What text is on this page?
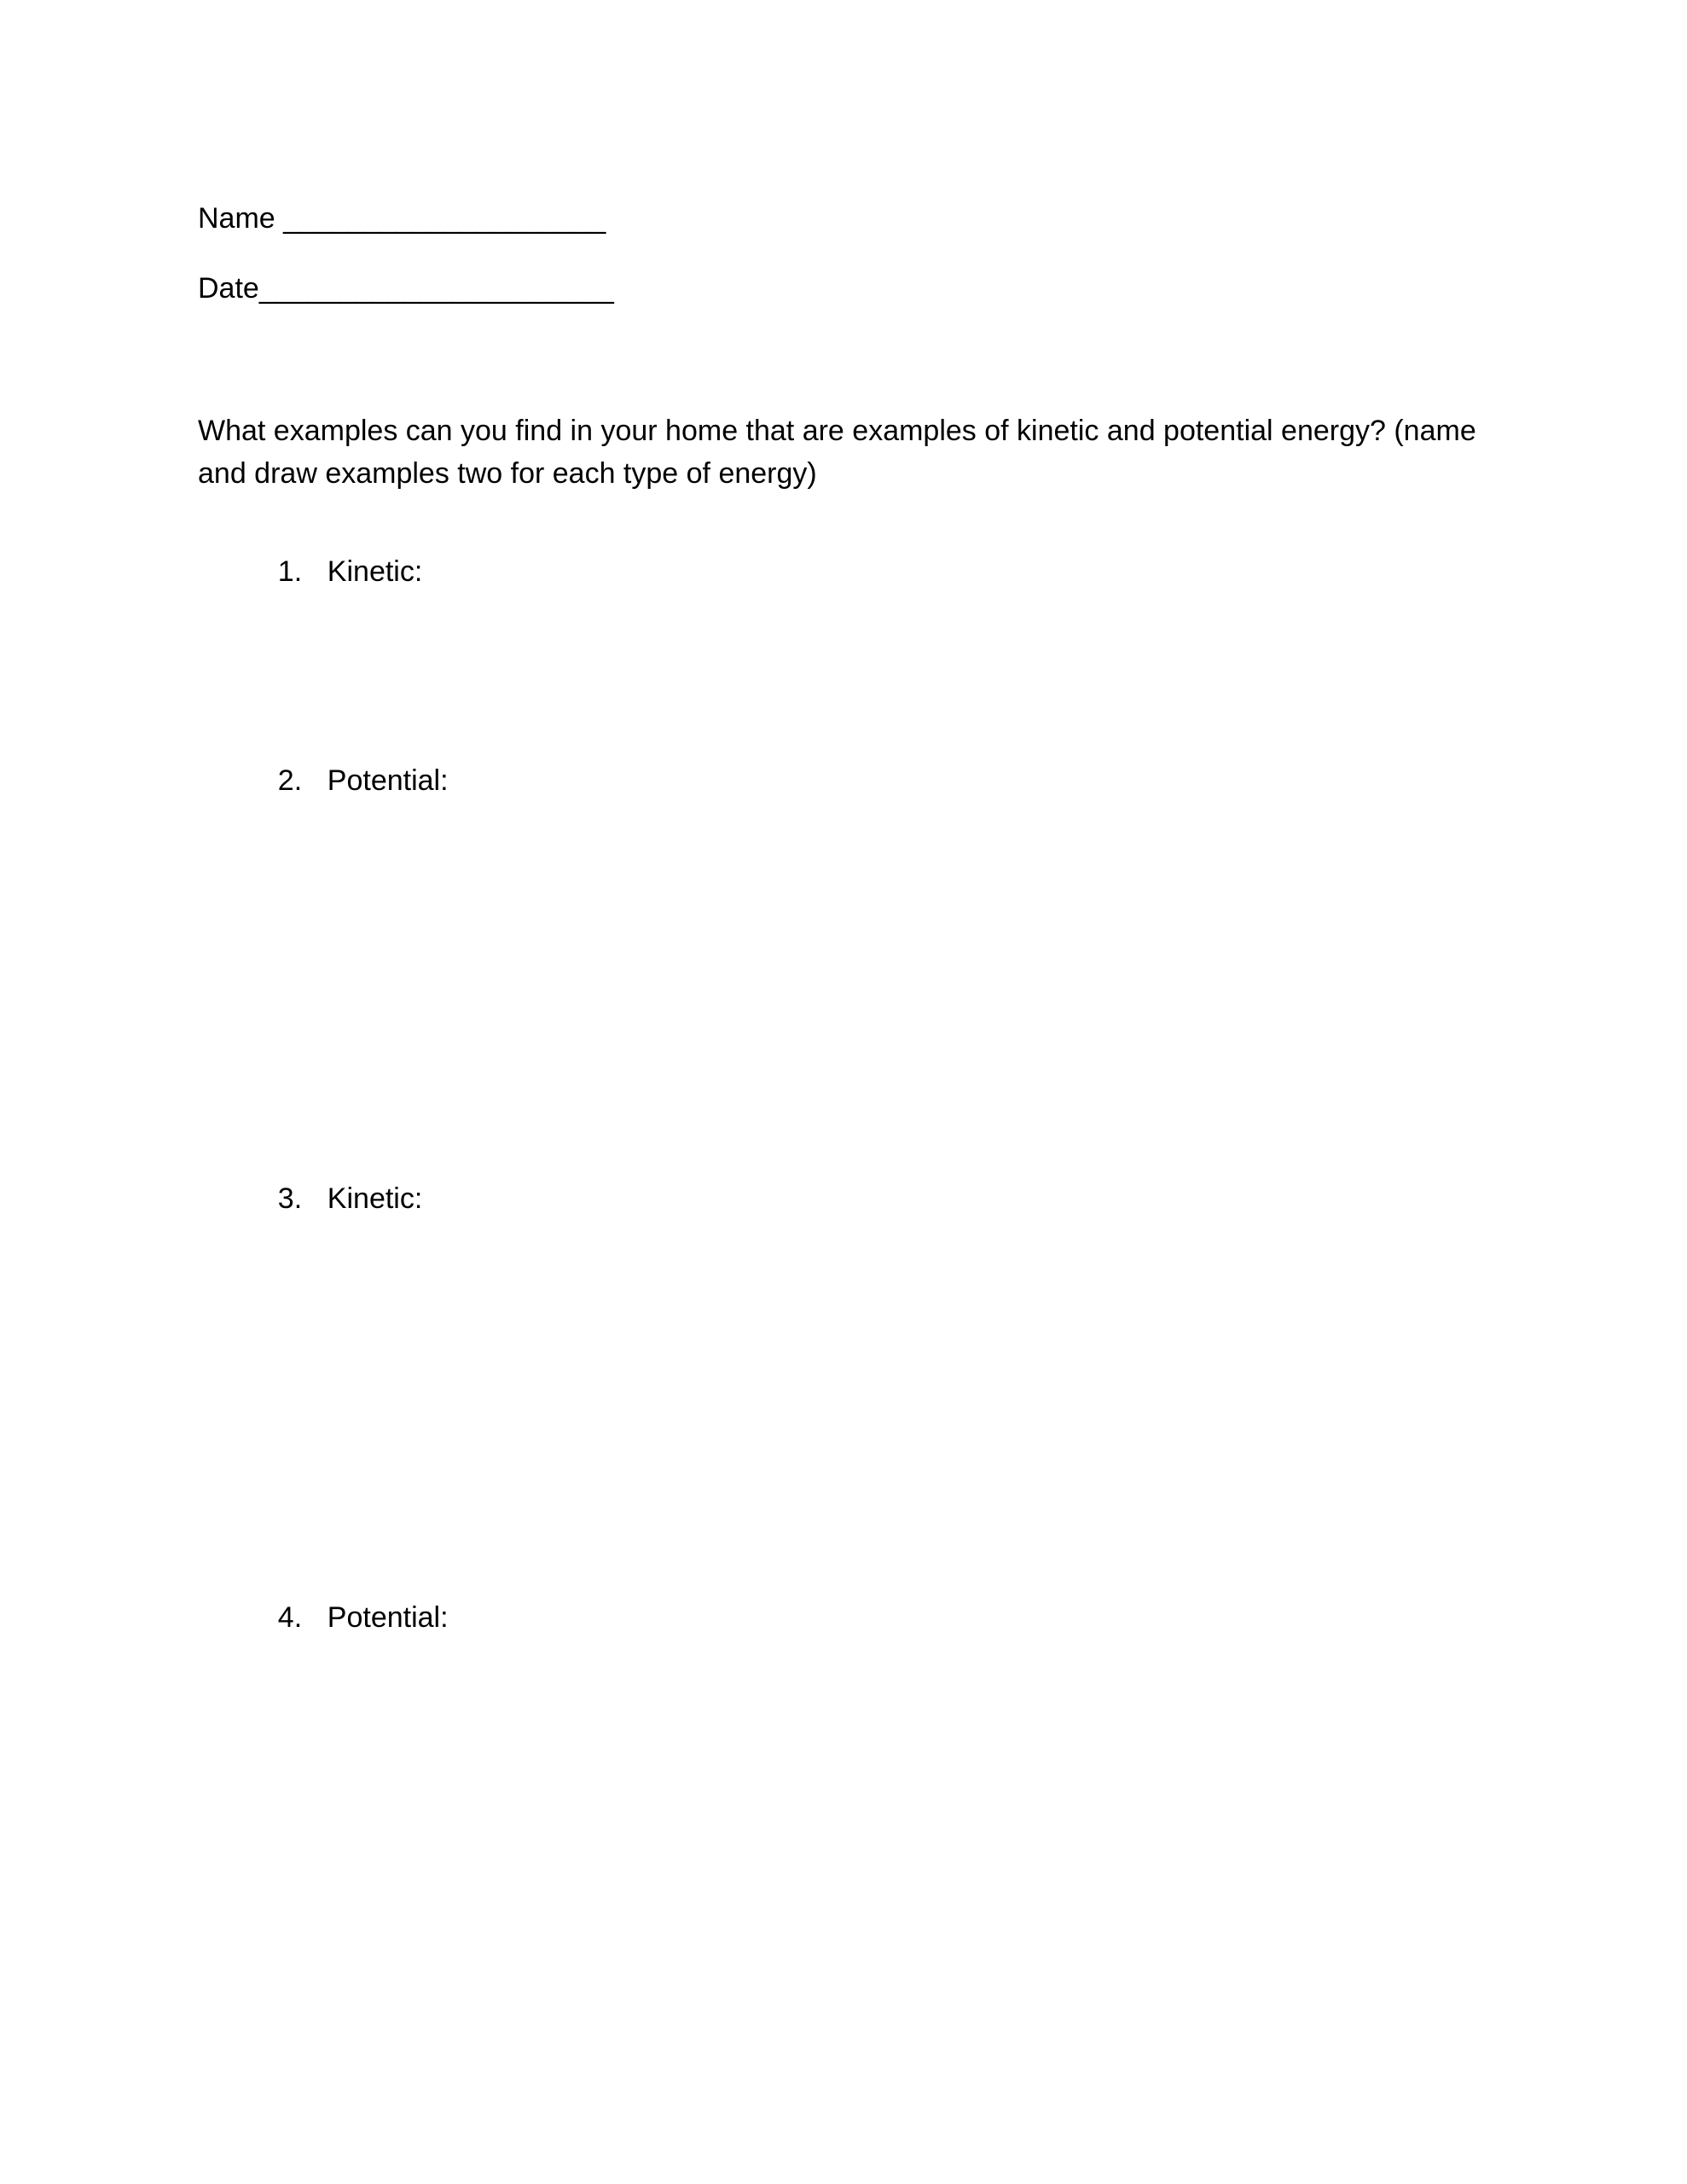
Name ____________________
Date______________________
What examples can you find in your home that are examples of kinetic and potential energy? (name and draw examples two for each type of energy)

1. Kinetic:

2. Potential:

3. Kinetic:

4. Potential:
